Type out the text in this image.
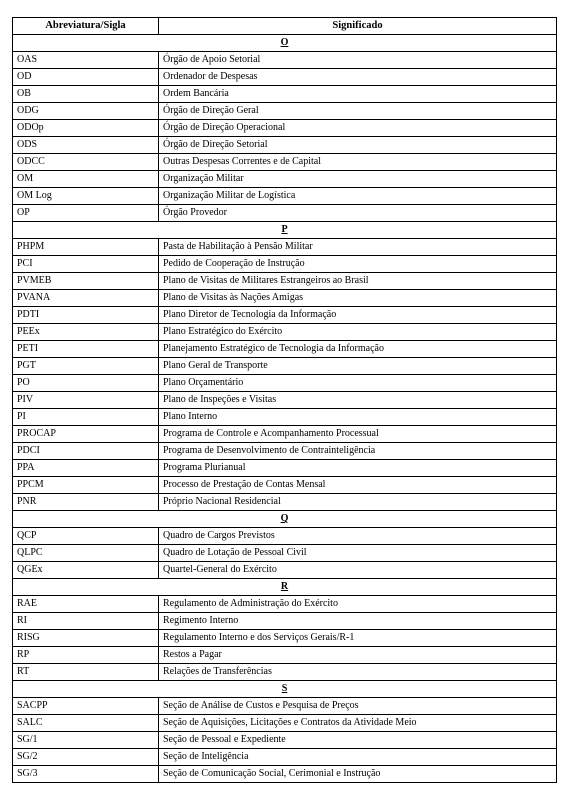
Abreviatura/Sigla	Significado
O	
OAS	Órgão de Apoio Setorial
OD	Ordenador de Despesas
OB	Ordem Bancária
ODG	Órgão de Direção Geral
ODOp	Órgão de Direção Operacional
ODS	Órgão de Direção Setorial
ODCC	Outras Despesas Correntes e de Capital
OM	Organização Militar
OM Log	Organização Militar de Logística
OP	Órgão Provedor
P	
PHPM	Pasta de Habilitação à Pensão Militar
PCI	Pedido de Cooperação de Instrução
PVMEB	Plano de Visitas de Militares Estrangeiros ao Brasil
PVANA	Plano de Visitas às Nações Amigas
PDTI	Plano Diretor de Tecnologia da Informação
PEEx	Plano Estratégico do Exército
PETI	Planejamento Estratégico de Tecnologia da Informação
PGT	Plano Geral de Transporte
PO	Plano Orçamentário
PIV	Plano de Inspeções e Visitas
PI	Plano Interno
PROCAP	Programa de Controle e Acompanhamento Processual
PDCI	Programa de Desenvolvimento de Contrainteligência
PPA	Programa Plurianual
PPCM	Processo de Prestação de Contas Mensal
PNR	Próprio Nacional Residencial
Q	
QCP	Quadro de Cargos Previstos
QLPC	Quadro de Lotação de Pessoal Civil
QGEx	Quartel-General do Exército
R	
RAE	Regulamento de Administração do Exército
RI	Regimento Interno
RISG	Regulamento Interno e dos Serviços Gerais/R-1
RP	Restos a Pagar
RT	Relações de Transferências
S	
SACPP	Seção de Análise de Custos e Pesquisa de Preços
SALC	Seção de Aquisições, Licitações e Contratos da Atividade Meio
SG/1	Seção de Pessoal e Expediente
SG/2	Seção de Inteligência
SG/3	Seção de Comunicação Social, Cerimonial e Instrução
